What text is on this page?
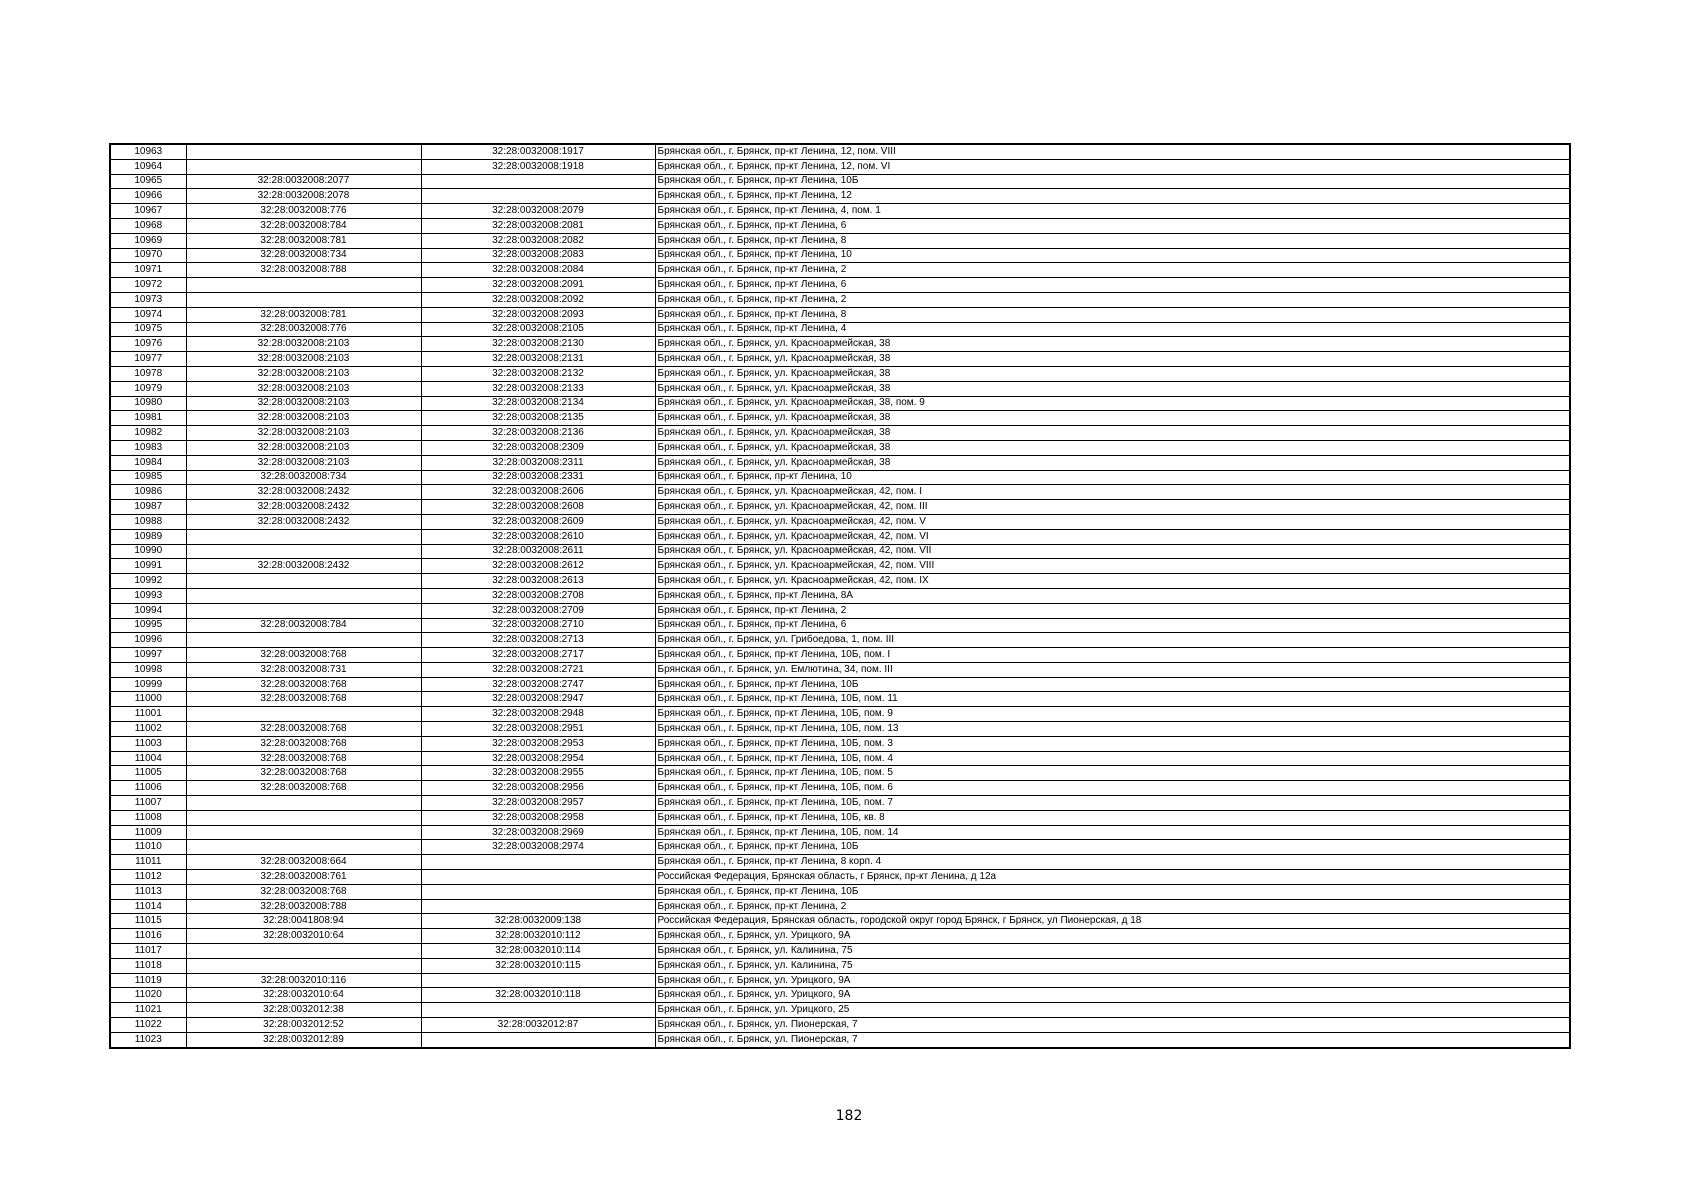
10963		32:28:0032008:1917	Брянская обл., г. Брянск, пр-кт Ленина, 12, пом. VIII
10964		32:28:0032008:1918	Брянская обл., г. Брянск, пр-кт Ленина, 12, пом. VI
10965	32:28:0032008:2077		Брянская обл., г. Брянск, пр-кт Ленина, 10Б
10966	32:28:0032008:2078		Брянская обл., г. Брянск, пр-кт Ленина, 12
10967	32:28:0032008:776	32:28:0032008:2079	Брянская обл., г. Брянск, пр-кт Ленина, 4, пом. 1
10968	32:28:0032008:784	32:28:0032008:2081	Брянская обл., г. Брянск, пр-кт Ленина, 6
10969	32:28:0032008:781	32:28:0032008:2082	Брянская обл., г. Брянск, пр-кт Ленина, 8
10970	32:28:0032008:734	32:28:0032008:2083	Брянская обл., г. Брянск, пр-кт Ленина, 10
10971	32:28:0032008:788	32:28:0032008:2084	Брянская обл., г. Брянск, пр-кт Ленина, 2
10972		32:28:0032008:2091	Брянская обл., г. Брянск, пр-кт Ленина, 6
10973		32:28:0032008:2092	Брянская обл., г. Брянск, пр-кт Ленина, 2
10974	32:28:0032008:781	32:28:0032008:2093	Брянская обл., г. Брянск, пр-кт Ленина, 8
10975	32:28:0032008:776	32:28:0032008:2105	Брянская обл., г. Брянск, пр-кт Ленина, 4
10976	32:28:0032008:2103	32:28:0032008:2130	Брянская обл., г. Брянск, ул. Красноармейская, 38
10977	32:28:0032008:2103	32:28:0032008:2131	Брянская обл., г. Брянск, ул. Красноармейская, 38
10978	32:28:0032008:2103	32:28:0032008:2132	Брянская обл., г. Брянск, ул. Красноармейская, 38
10979	32:28:0032008:2103	32:28:0032008:2133	Брянская обл., г. Брянск, ул. Красноармейская, 38
10980	32:28:0032008:2103	32:28:0032008:2134	Брянская обл., г. Брянск, ул. Красноармейская, 38, пом. 9
10981	32:28:0032008:2103	32:28:0032008:2135	Брянская обл., г. Брянск, ул. Красноармейская, 38
10982	32:28:0032008:2103	32:28:0032008:2136	Брянская обл., г. Брянск, ул. Красноармейская, 38
10983	32:28:0032008:2103	32:28:0032008:2309	Брянская обл., г. Брянск, ул. Красноармейская, 38
10984	32:28:0032008:2103	32:28:0032008:2311	Брянская обл., г. Брянск, ул. Красноармейская, 38
10985	32:28:0032008:734	32:28:0032008:2331	Брянская обл., г. Брянск, пр-кт Ленина, 10
10986	32:28:0032008:2432	32:28:0032008:2606	Брянская обл., г. Брянск, ул. Красноармейская, 42, пом. I
10987	32:28:0032008:2432	32:28:0032008:2608	Брянская обл., г. Брянск, ул. Красноармейская, 42, пом. III
10988	32:28:0032008:2432	32:28:0032008:2609	Брянская обл., г. Брянск, ул. Красноармейская, 42, пом. V
10989		32:28:0032008:2610	Брянская обл., г. Брянск, ул. Красноармейская, 42, пом. VI
10990		32:28:0032008:2611	Брянская обл., г. Брянск, ул. Красноармейская, 42, пом. VII
10991	32:28:0032008:2432	32:28:0032008:2612	Брянская обл., г. Брянск, ул. Красноармейская, 42, пом. VIII
10992		32:28:0032008:2613	Брянская обл., г. Брянск, ул. Красноармейская, 42, пом. IX
10993		32:28:0032008:2708	Брянская обл., г. Брянск, пр-кт Ленина, 8А
10994		32:28:0032008:2709	Брянская обл., г. Брянск, пр-кт Ленина, 2
10995	32:28:0032008:784	32:28:0032008:2710	Брянская обл., г. Брянск, пр-кт Ленина, 6
10996		32:28:0032008:2713	Брянская обл., г. Брянск, ул. Грибоедова, 1, пом. III
10997	32:28:0032008:768	32:28:0032008:2717	Брянская обл., г. Брянск, пр-кт Ленина, 10Б, пом. I
10998	32:28:0032008:731	32:28:0032008:2721	Брянская обл., г. Брянск, ул. Емлютина, 34, пом. III
10999	32:28:0032008:768	32:28:0032008:2747	Брянская обл., г. Брянск, пр-кт Ленина, 10Б
11000	32:28:0032008:768	32:28:0032008:2947	Брянская обл., г. Брянск, пр-кт Ленина, 10Б, пом. 11
11001		32:28:0032008:2948	Брянская обл., г. Брянск, пр-кт Ленина, 10Б, пом. 9
11002	32:28:0032008:768	32:28:0032008:2951	Брянская обл., г. Брянск, пр-кт Ленина, 10Б, пом. 13
11003	32:28:0032008:768	32:28:0032008:2953	Брянская обл., г. Брянск, пр-кт Ленина, 10Б, пом. 3
11004	32:28:0032008:768	32:28:0032008:2954	Брянская обл., г. Брянск, пр-кт Ленина, 10Б, пом. 4
11005	32:28:0032008:768	32:28:0032008:2955	Брянская обл., г. Брянск, пр-кт Ленина, 10Б, пом. 5
11006	32:28:0032008:768	32:28:0032008:2956	Брянская обл., г. Брянск, пр-кт Ленина, 10Б, пом. 6
11007		32:28:0032008:2957	Брянская обл., г. Брянск, пр-кт Ленина, 10Б, пом. 7
11008		32:28:0032008:2958	Брянская обл., г. Брянск, пр-кт Ленина, 10Б, кв. 8
11009		32:28:0032008:2969	Брянская обл., г. Брянск, пр-кт Ленина, 10Б, пом. 14
11010		32:28:0032008:2974	Брянская обл., г. Брянск, пр-кт Ленина, 10Б
11011	32:28:0032008:664		Брянская обл., г. Брянск, пр-кт Ленина, 8 корп. 4
11012	32:28:0032008:761		Российская Федерация, Брянская область, г Брянск, пр-кт Ленина, д 12а
11013	32:28:0032008:768		Брянская обл., г. Брянск, пр-кт Ленина, 10Б
11014	32:28:0032008:788		Брянская обл., г. Брянск, пр-кт Ленина, 2
11015	32:28:0041808:94	32:28:0032009:138	Российская Федерация, Брянская область, городской округ город Брянск, г Брянск, ул Пионерская, д 18
11016	32:28:0032010:64	32:28:0032010:112	Брянская обл., г. Брянск, ул. Урицкого, 9А
11017		32:28:0032010:114	Брянская обл., г. Брянск, ул. Калинина, 75
11018		32:28:0032010:115	Брянская обл., г. Брянск, ул. Калинина, 75
11019	32:28:0032010:116		Брянская обл., г. Брянск, ул. Урицкого, 9А
11020	32:28:0032010:64	32:28:0032010:118	Брянская обл., г. Брянск, ул. Урицкого, 9А
11021	32:28:0032012:38		Брянская обл., г. Брянск, ул. Урицкого, 25
11022	32:28:0032012:52	32:28:0032012:87	Брянская обл., г. Брянск, ул. Пионерская, 7
11023	32:28:0032012:89		Брянская обл., г. Брянск, ул. Пионерская, 7
182
